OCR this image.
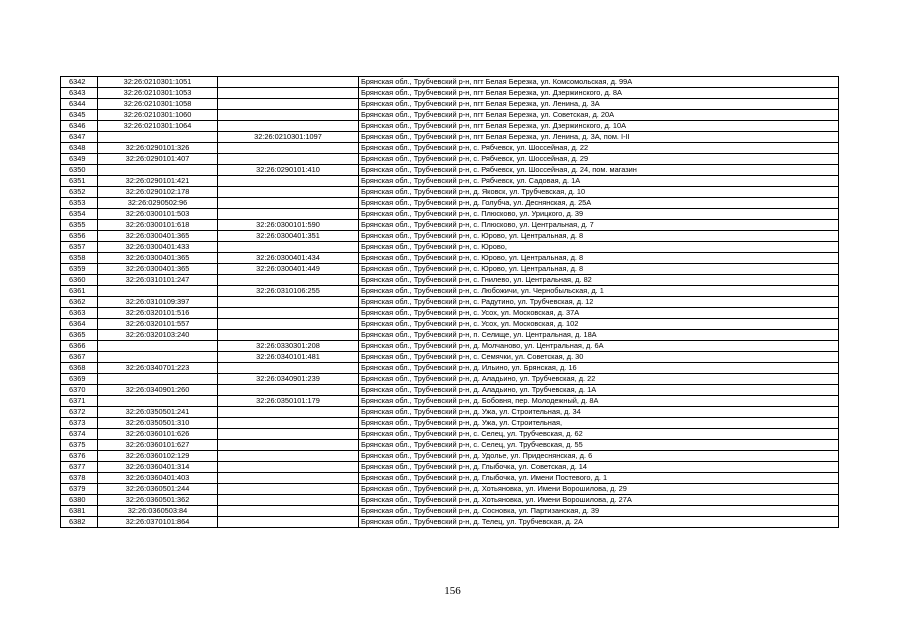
6342	32:26:0210301:1051		Брянская обл., Трубчевский р-н, пгт Белая Березка, ул. Комсомольская, д. 99А
6343	32:26:0210301:1053		Брянская обл., Трубчевский р-н, пгт Белая Березка, ул. Дзержинского, д. 8А
6344	32:26:0210301:1058		Брянская обл., Трубчевский р-н, пгт Белая Березка, ул. Ленина, д. 3А
6345	32:26:0210301:1060		Брянская обл., Трубчевский р-н, пгт Белая Березка, ул. Советская, д. 20А
6346	32:26:0210301:1064		Брянская обл., Трубчевский р-н, пгт Белая Березка, ул. Дзержинского, д. 10А
6347		32:26:0210301:1097	Брянская обл., Трубчевский р-н, пгт Белая Березка, ул. Ленина, д. 3А, пом. I-II
6348	32:26:0290101:326		Брянская обл., Трубчевский р-н, с. Рябчевск, ул. Шоссейная, д. 22
6349	32:26:0290101:407		Брянская обл., Трубчевский р-н, с. Рябчевск, ул. Шоссейная, д. 29
6350		32:26:0290101:410	Брянская обл., Трубчевский р-н, с. Рябчевск, ул. Шоссейная, д. 24, пом. магазин
6351	32:26:0290101:421		Брянская обл., Трубчевский р-н, с. Рябчевск, ул. Садовая, д. 1А
6352	32:26:0290102:178		Брянская обл., Трубчевский р-н, д. Яковск, ул. Трубчевская, д. 10
6353	32:26:0290502:96		Брянская обл., Трубчевский р-н, д. Голубча, ул. Деснянская, д. 25А
6354	32:26:0300101:503		Брянская обл., Трубчевский р-н, с. Плюсково, ул. Урицкого, д. 39
6355	32:26:0300101:618	32:26:0300101:590	Брянская обл., Трубчевский р-н, с. Плюсково, ул. Центральная, д. 7
6356	32:26:0300401:365	32:26:0300401:351	Брянская обл., Трубчевский р-н, с. Юрово, ул. Центральная, д. 8
6357	32:26:0300401:433		Брянская обл., Трубчевский р-н, с. Юрово,
6358	32:26:0300401:365	32:26:0300401:434	Брянская обл., Трубчевский р-н, с. Юрово, ул. Центральная, д. 8
6359	32:26:0300401:365	32:26:0300401:449	Брянская обл., Трубчевский р-н, с. Юрово, ул. Центральная, д. 8
6360	32:26:0310101:247		Брянская обл., Трубчевский р-н, с. Гнилево, ул. Центральная, д. 82
6361		32:26:0310106:255	Брянская обл., Трубчевский р-н, с. Любожичи, ул. Чернобыльская, д. 1
6362	32:26:0310109:397		Брянская обл., Трубчевский р-н, с. Радутино, ул. Трубчевская, д. 12
6363	32:26:0320101:516		Брянская обл., Трубчевский р-н, с. Усох, ул. Московская, д. 37А
6364	32:26:0320101:557		Брянская обл., Трубчевский р-н, с. Усох, ул. Московская, д. 102
6365	32:26:0320103:240		Брянская обл., Трубчевский р-н, п. Селище, ул. Центральная, д. 18А
6366		32:26:0330301:208	Брянская обл., Трубчевский р-н, д. Молчаново, ул. Центральная, д. 6А
6367		32:26:0340101:481	Брянская обл., Трубчевский р-н, с. Семячки, ул. Советская, д. 30
6368	32:26:0340701:223		Брянская обл., Трубчевский р-н, д. Ильино, ул. Брянская, д. 16
6369		32:26:0340901:239	Брянская обл., Трубчевский р-н, д. Аладьино, ул. Трубчевская, д. 22
6370	32:26:0340901:260		Брянская обл., Трубчевский р-н, д. Аладьино, ул. Трубчевская, д. 1А
6371		32:26:0350101:179	Брянская обл., Трубчевский р-н, д. Бобовня, пер. Молодежный, д. 8А
6372	32:26:0350501:241		Брянская обл., Трубчевский р-н, д. Ужа, ул. Строительная, д. 34
6373	32:26:0350501:310		Брянская обл., Трубчевский р-н, д. Ужа, ул. Строительная,
6374	32:26:0360101:626		Брянская обл., Трубчевский р-н, с. Селец, ул. Трубчевская, д. 62
6375	32:26:0360101:627		Брянская обл., Трубчевский р-н, с. Селец, ул. Трубчевская, д. 55
6376	32:26:0360102:129		Брянская обл., Трубчевский р-н, д. Удолье, ул. Придеснянская, д. 6
6377	32:26:0360401:314		Брянская обл., Трубчевский р-н, д. Глыбочка, ул. Советская, д. 14
6378	32:26:0360401:403		Брянская обл., Трубчевский р-н, д. Глыбочка, ул. Имени Постевого, д. 1
6379	32:26:0360501:244		Брянская обл., Трубчевский р-н, д. Хотьяновка, ул. Имени Ворошилова, д. 29
6380	32:26:0360501:362		Брянская обл., Трубчевский р-н, д. Хотьяновка, ул. Имени Ворошилова, д. 27А
6381	32:26:0360503:84		Брянская обл., Трубчевский р-н, д. Сосновка, ул. Партизанская, д. 39
6382	32:26:0370101:864		Брянская обл., Трубчевский р-н, д. Телец, ул. Трубчевская, д. 2А
156
